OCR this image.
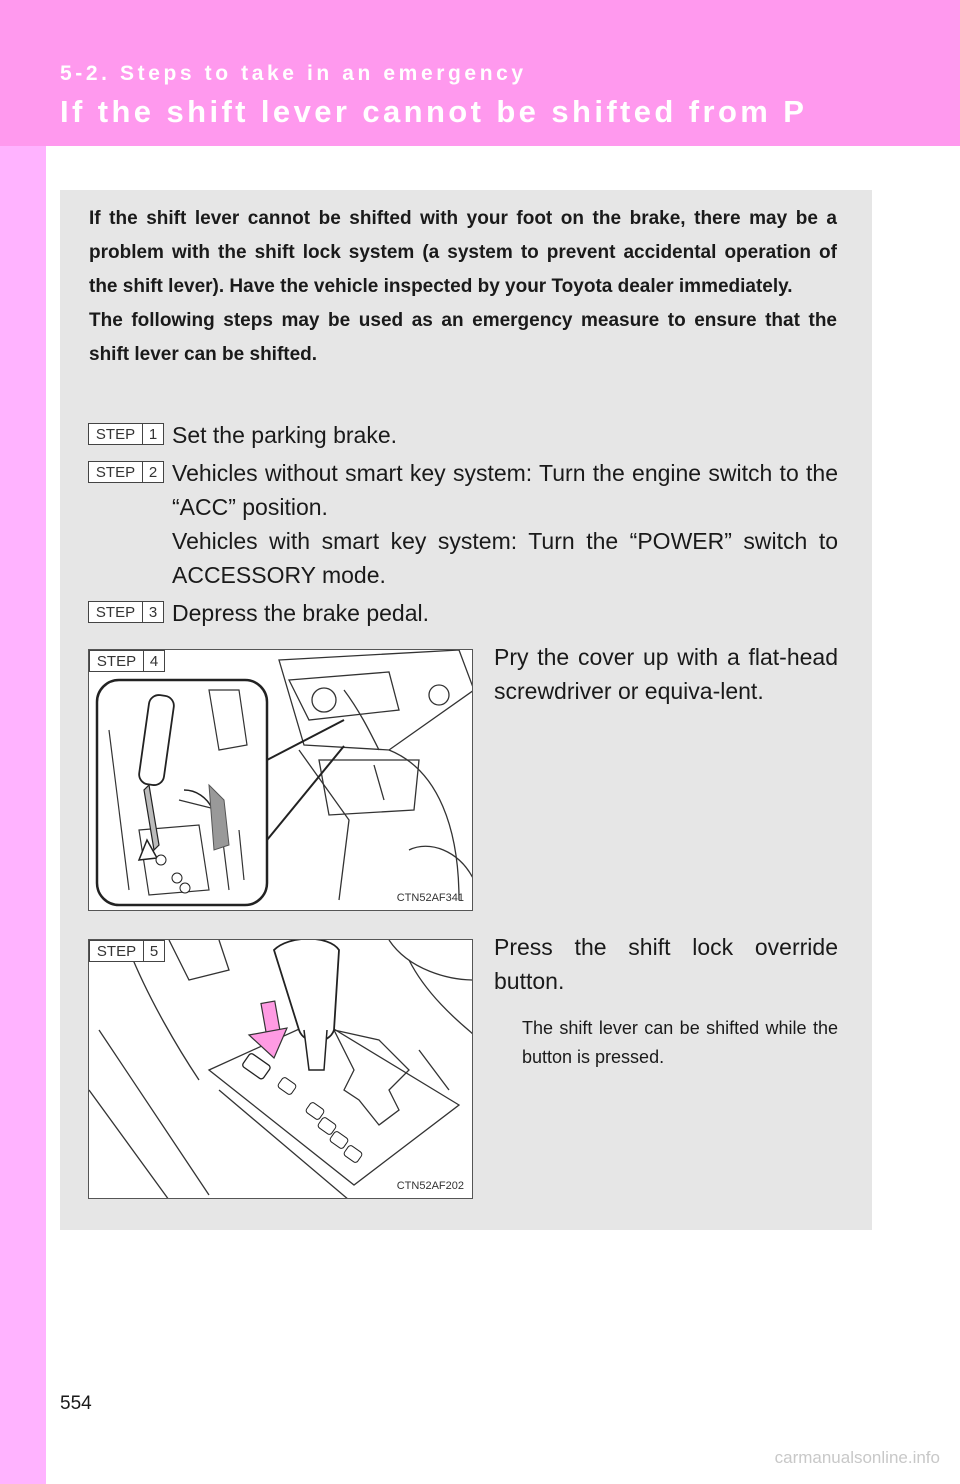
5-2. Steps to take in an emergency
If the shift lever cannot be shifted from P

If the shift lever cannot be shifted with your foot on the brake, there may be a problem with the shift lock system (a system to prevent accidental operation of the shift lever). Have the vehicle inspected by your Toyota dealer immediately.

The following steps may be used as an emergency measure to ensure that the shift lever can be shifted.

STEP 1 Set the parking brake.

STEP 2 Vehicles without smart key system: Turn the engine switch to the “ACC” position.

Vehicles with smart key system: Turn the “POWER” switch to ACCESSORY mode.

STEP 3 Depress the brake pedal.

STEP 4
CTN52AF341
Pry the cover up with a flat-head screwdriver or equiva-lent.
STEP 5
CTN52AF202
Press the shift lock override button.
The shift lever can be shifted while the button is pressed.
554
carmanualsonline.info
